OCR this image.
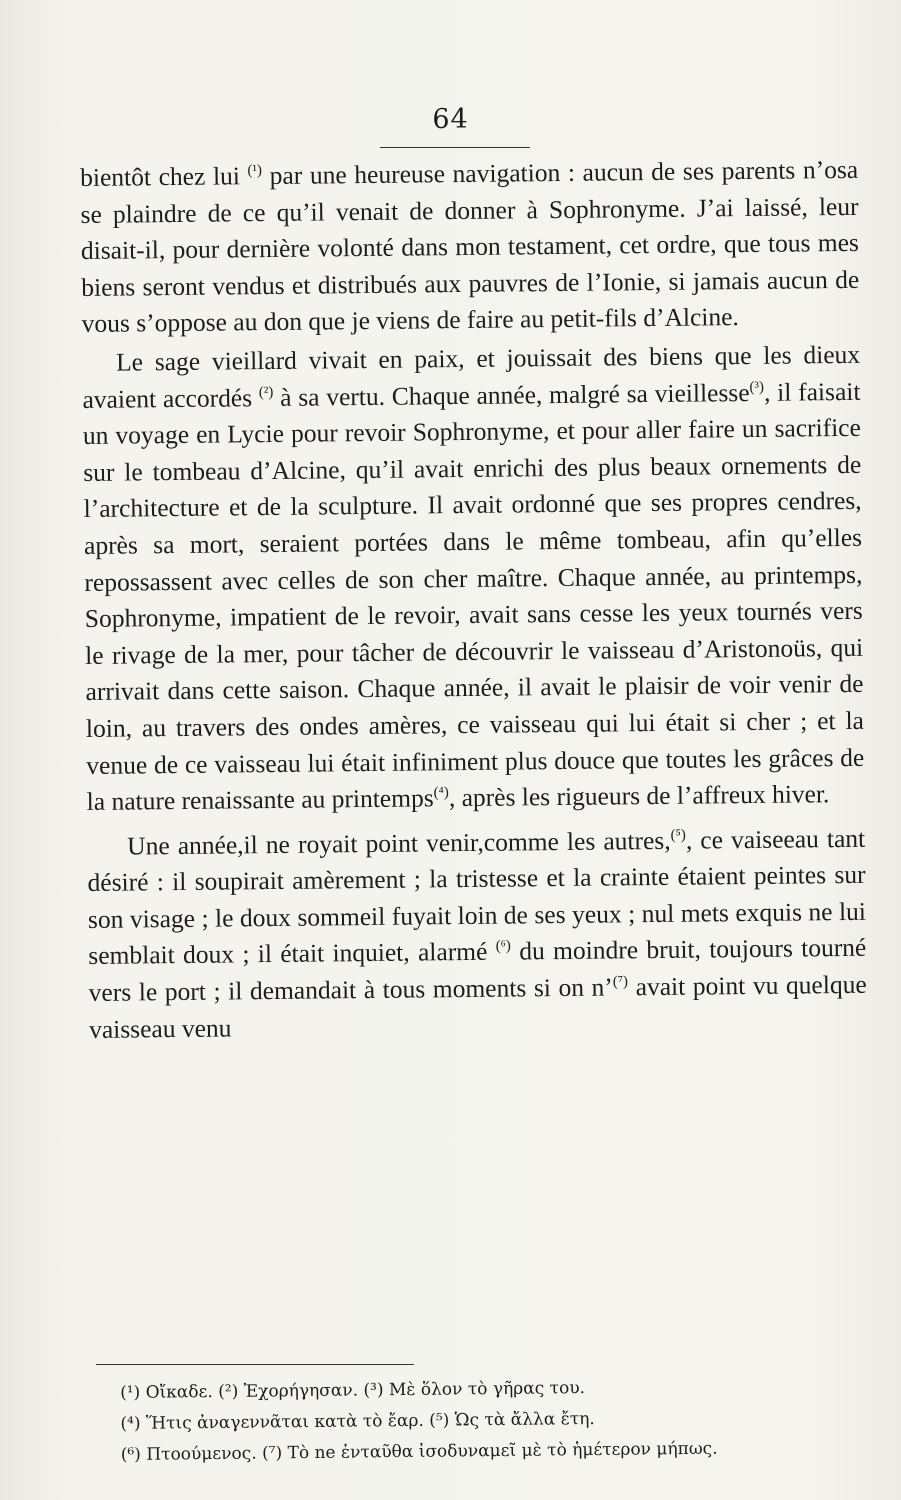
64

bientôt chez lui $^{(^1)}$ par une heureuse navigation : aucun de ses parents n’osa se plaindre de ce qu’il venait de donner à Sophronyme. J’ai laissé, leur disait-il, pour dernière volonté dans mon testament, cet ordre, que tous mes biens seront vendus et distribués aux pauvres de l’Ionie, si jamais aucun de vous s’oppose au don que je viens de faire au petit-fils d’Alcine.

Le sage vieillard vivait en paix, et jouissait des biens que les dieux avaient accordés $^{(^2)}$ à sa vertu. Chaque année, malgré sa vieillesse$^{(^3)}$, il faisait un voyage en Lycie pour revoir Sophronyme, et pour aller faire un sacrifice sur le tombeau d’Alcine, qu’il avait enrichi des plus beaux ornements de l’architecture et de la sculpture. Il avait ordonné que ses propres cendres, après sa mort, seraient portées dans le même tombeau, afin qu’elles repossassent avec celles de son cher maître. Chaque année, au printemps, Sophronyme, impatient de le revoir, avait sans cesse les yeux tournés vers le rivage de la mer, pour tâcher de découvrir le vaisseau d’Aristonoüs, qui arrivait dans cette saison. Chaque année, il avait le plaisir de voir venir de loin, au travers des ondes amères, ce vaisseau qui lui était si cher ; et la venue de ce vaisseau lui était infiniment plus douce que toutes les grâces de la nature renaissante au printemps$^{(^4)}$, après les rigueurs de l’affreux hiver.

Une année,il ne royait point venir,comme les autres,$^{(^5)}$, ce vaiseeau tant désiré : il soupirait amèrement ; la tristesse et la crainte étaient peintes sur son visage ; le doux sommeil fuyait loin de ses yeux ; nul mets exquis ne lui semblait doux ; il était inquiet, alarmé $^{(^6)}$ du moindre bruit, toujours tourné vers le port ; il demandait à tous moments si on n’$^{(^7)}$ avait point vu quelque vaisseau venu

(¹) Οἴκαδε. (²) Ἐχορήγησαν. (³) Μὲ ὅλον τὸ γῆρας του.
(⁴) Ἥτις ἀναγεννᾶται κατὰ τὸ ἔαρ. (⁵) Ὡς τὰ ἄλλα ἔτη.
(⁶) Πτοούμενος. (⁷) Τὸ ne ἐνταῦθα ἰσοδυναμεῖ μὲ τὸ ἡμέτερον μήπως.
